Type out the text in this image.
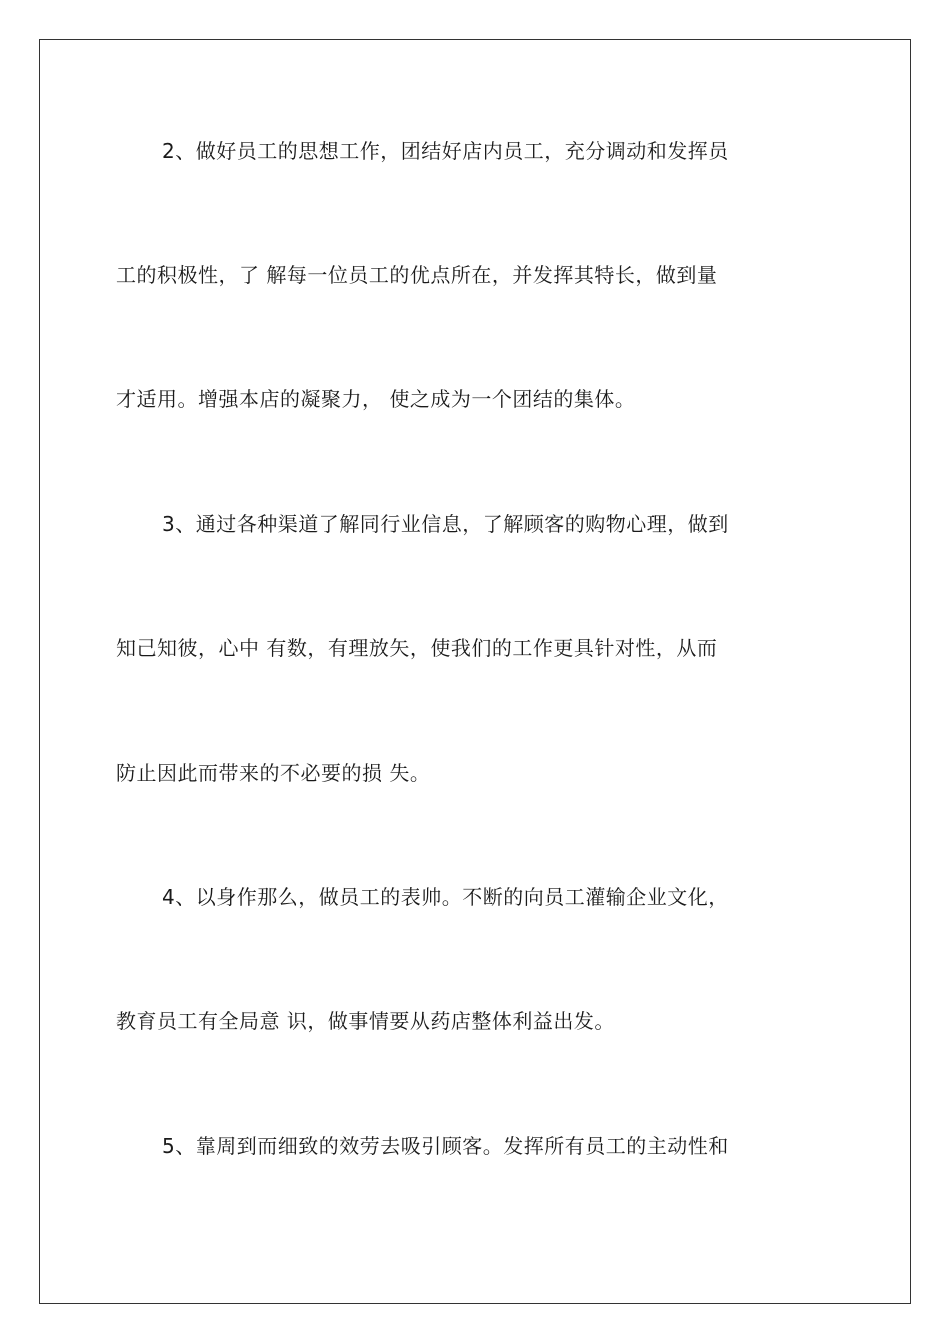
2、做好员工的思想工作，团结好店内员工，充分调动和发挥员

工的积极性，了 解每一位员工的优点所在，并发挥其特长，做到量

才适用。增强本店的凝聚力， 使之成为一个团结的集体。

3、通过各种渠道了解同行业信息，了解顾客的购物心理，做到

知己知彼，心中 有数，有理放矢，使我们的工作更具针对性，从而

防止因此而带来的不必要的损 失。

4、以身作那么，做员工的表帅。不断的向员工灌输企业文化，

教育员工有全局意 识，做事情要从药店整体利益出发。

5、靠周到而细致的效劳去吸引顾客。发挥所有员工的主动性和
